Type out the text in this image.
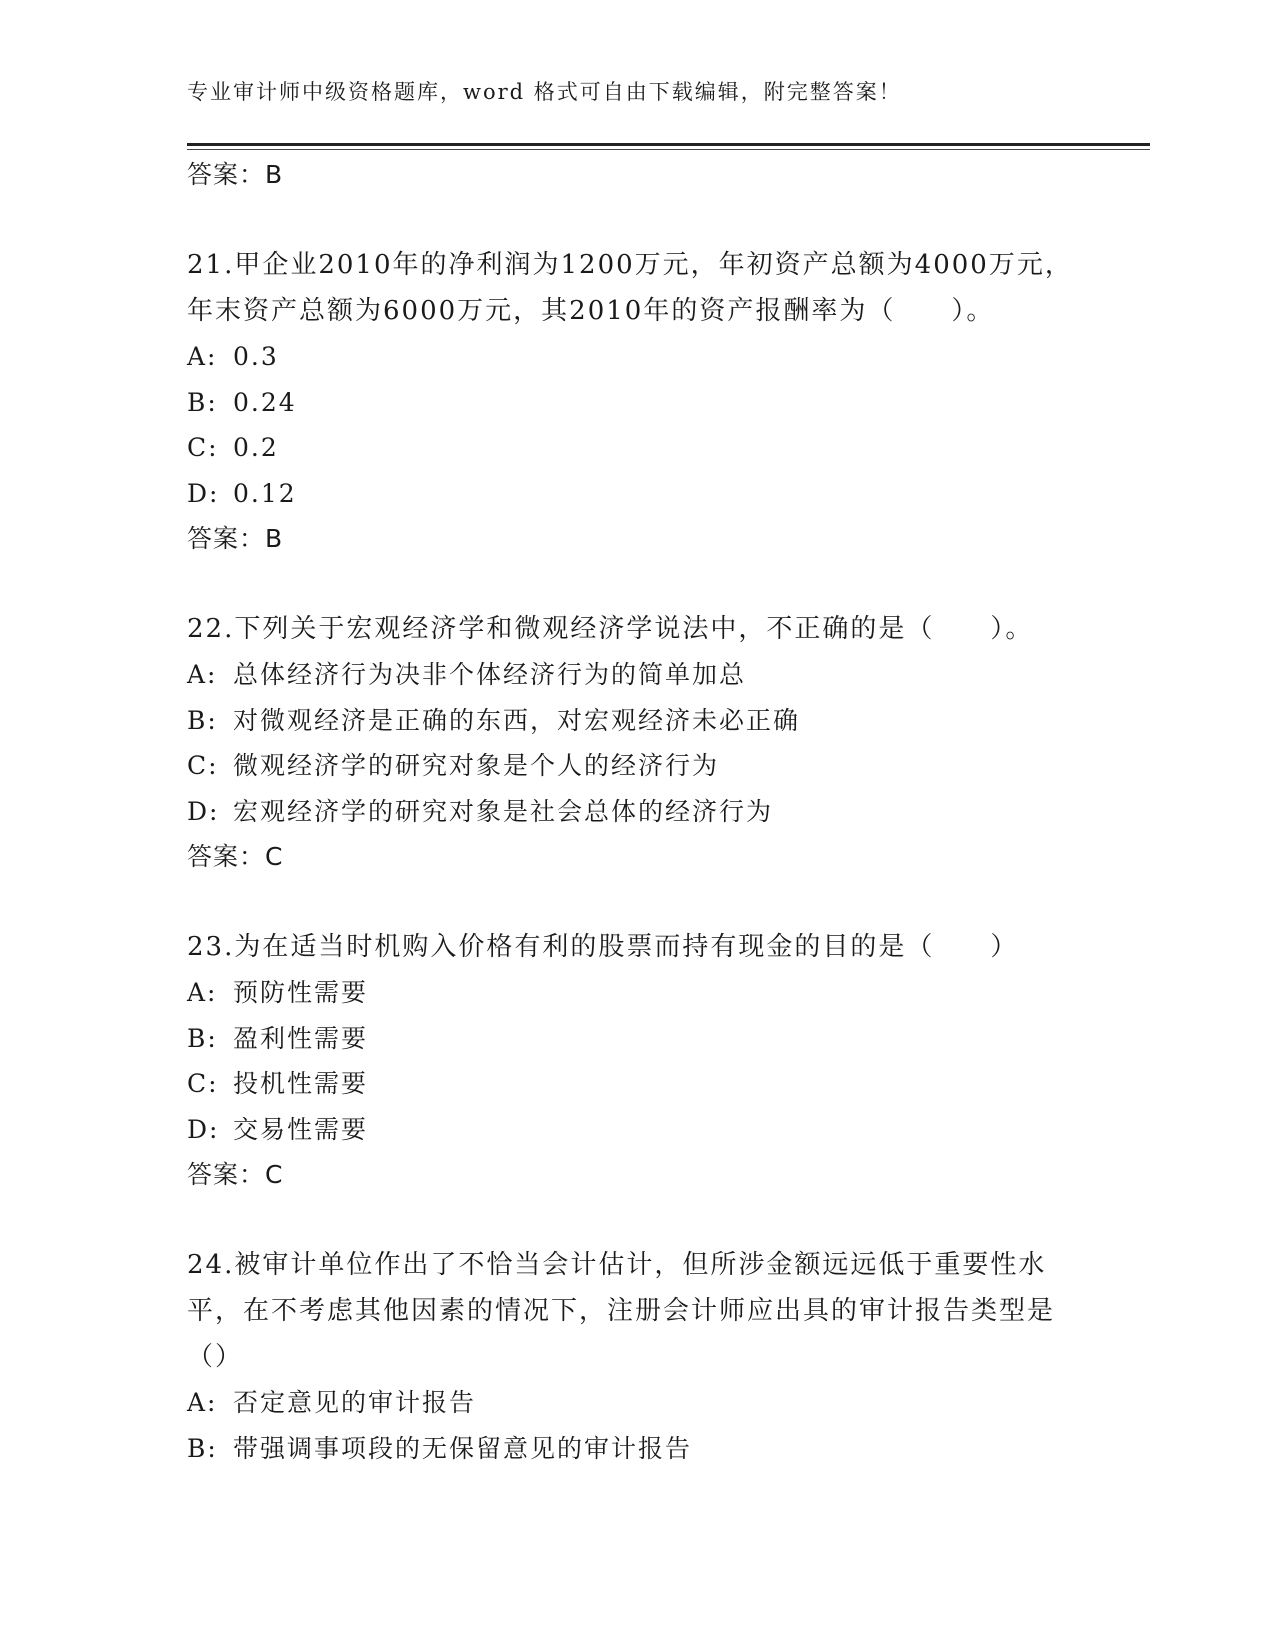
专业审计师中级资格题库，word 格式可自由下载编辑，附完整答案！
答案：B
21.甲企业2010年的净利润为1200万元，年初资产总额为4000万元，年末资产总额为6000万元，其2010年的资产报酬率为（　　）。
A: 0.3
B: 0.24
C: 0.2
D: 0.12
答案：B
22.下列关于宏观经济学和微观经济学说法中，不正确的是（　　）。
A: 总体经济行为决非个体经济行为的简单加总
B: 对微观经济是正确的东西，对宏观经济未必正确
C: 微观经济学的研究对象是个人的经济行为
D: 宏观经济学的研究对象是社会总体的经济行为
答案：C
23.为在适当时机购入价格有利的股票而持有现金的目的是（　　）
A: 预防性需要
B: 盈利性需要
C: 投机性需要
D: 交易性需要
答案：C
24.被审计单位作出了不恰当会计估计，但所涉金额远远低于重要性水平，在不考虑其他因素的情况下，注册会计师应出具的审计报告类型是（）
A: 否定意见的审计报告
B: 带强调事项段的无保留意见的审计报告
